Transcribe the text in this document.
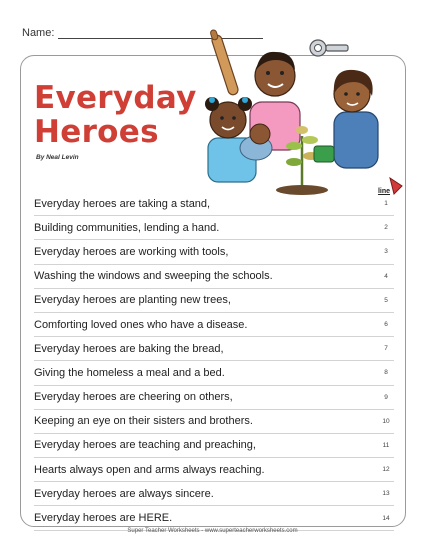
Name:
Everyday
Heroes
By Neal Levin
line
Everyday heroes are taking a stand,	1
Building communities, lending a hand.	2
Everyday heroes are working with tools,	3
Washing the windows and sweeping the schools.	4
Everyday heroes are planting new trees,	5
Comforting loved ones who have a disease.	6
Everyday heroes are baking the bread,	7
Giving the homeless a meal and a bed.	8
Everyday heroes are cheering on others,	9
Keeping an eye on their sisters and brothers.	10
Everyday heroes are teaching and preaching,	11
Hearts always open and arms always reaching.	12
Everyday heroes are always sincere.	13
Everyday heroes are HERE.	14
Super Teacher Worksheets - www.superteacherworksheets.com
